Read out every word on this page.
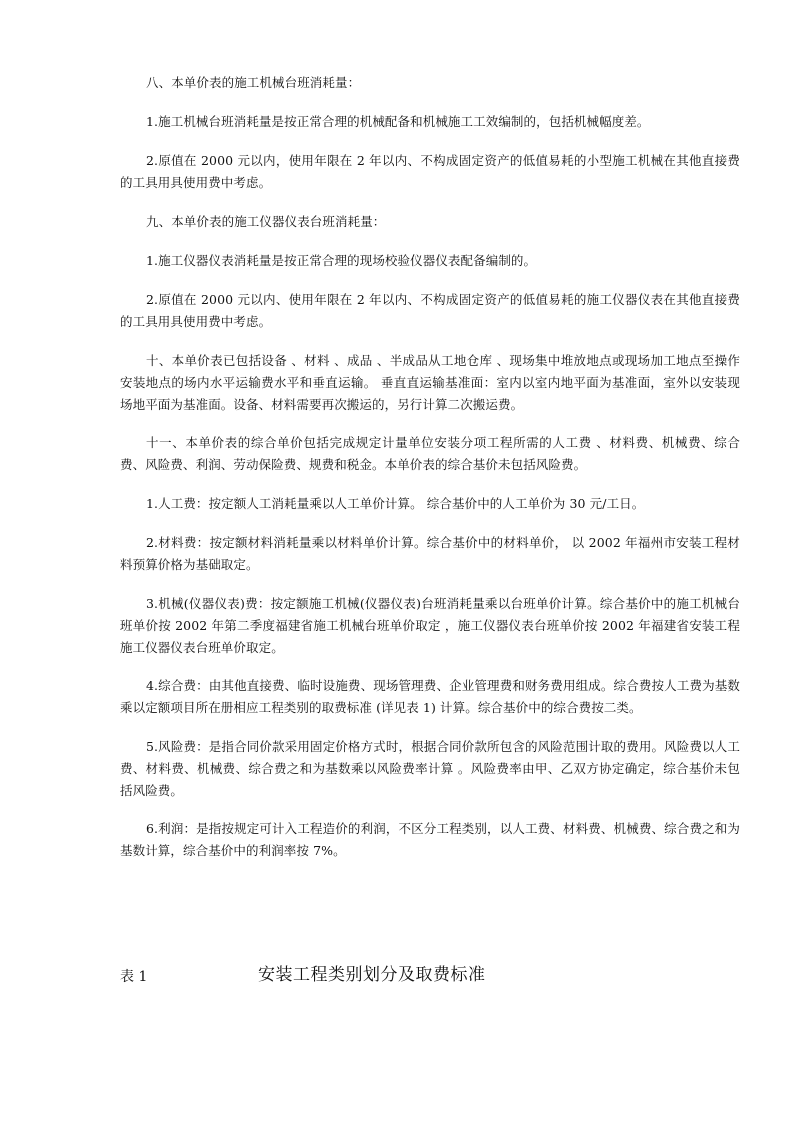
八、本单价表的施工机械台班消耗量：

1.施工机械台班消耗量是按正常合理的机械配备和机械施工工效编制的，包括机械幅度差。

2.原值在 2000 元以内，使用年限在 2 年以内、不构成固定资产的低值易耗的小型施工机械在其他直接费的工具用具使用费中考虑。

九、本单价表的施工仪器仪表台班消耗量：

1.施工仪器仪表消耗量是按正常合理的现场校验仪器仪表配备编制的。

2.原值在 2000 元以内、使用年限在 2 年以内、不构成固定资产的低值易耗的施工仪器仪表在其他直接费的工具用具使用费中考虑。

十、本单价表已包括设备 、材料 、成品 、半成品从工地仓库 、现场集中堆放地点或现场加工地点至操作安装地点的场内水平运输费水平和垂直运输。 垂直直运输基准面：室内以室内地平面为基准面，室外以安装现场地平面为基准面。设备、材料需要再次搬运的，另行计算二次搬运费。

十一、本单价表的综合单价包括完成规定计量单位安装分项工程所需的人工费 、材料费、机械费、综合费、风险费、利润、劳动保险费、规费和税金。本单价表的综合基价未包括风险费。

1.人工费：按定额人工消耗量乘以人工单价计算。 综合基价中的人工单价为 30 元/工日。

2.材料费：按定额材料消耗量乘以材料单价计算。综合基价中的材料单价， 以 2002 年福州市安装工程材料预算价格为基础取定。

3.机械(仪器仪表)费：按定额施工机械(仪器仪表)台班消耗量乘以台班单价计算。综合基价中的施工机械台班单价按 2002 年第二季度福建省施工机械台班单价取定 ，施工仪器仪表台班单价按 2002 年福建省安装工程施工仪器仪表台班单价取定。

4.综合费：由其他直接费、临时设施费、现场管理费、企业管理费和财务费用组成。综合费按人工费为基数乘以定额项目所在册相应工程类别的取费标准 (详见表 1) 计算。综合基价中的综合费按二类。

5.风险费：是指合同价款采用固定价格方式时，根据合同价款所包含的风险范围计取的费用。风险费以人工费、材料费、机械费、综合费之和为基数乘以风险费率计算 。风险费率由甲、乙双方协定确定，综合基价未包括风险费。

6.利润：是指按规定可计入工程造价的利润，不区分工程类别，以人工费、材料费、机械费、综合费之和为基数计算，综合基价中的利润率按 7%。

表 1	安装工程类别划分及取费标准
